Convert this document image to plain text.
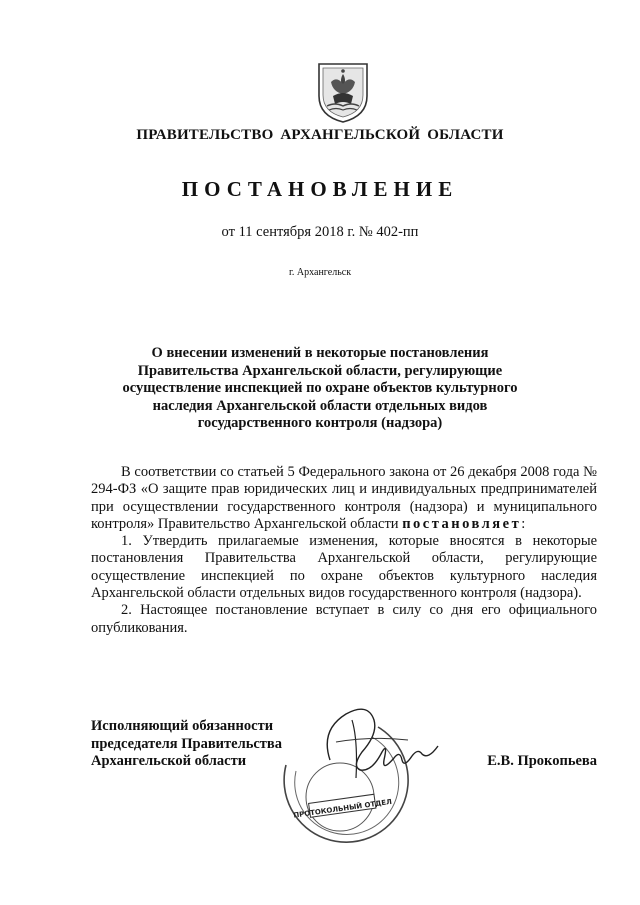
ПРАВИТЕЛЬСТВО АРХАНГЕЛЬСКОЙ ОБЛАСТИ
ПОСТАНОВЛЕНИЕ
от 11 сентября 2018 г. № 402-пп
г. Архангельск
О внесении изменений в некоторые постановления
Правительства Архангельской области, регулирующие
осуществление инспекцией по охране объектов культурного
наследия Архангельской области отдельных видов
государственного контроля (надзора)

В соответствии со статьей 5 Федерального закона от 26 декабря 2008 года № 294-ФЗ «О защите прав юридических лиц и индивидуальных предпринимателей при осуществлении государственного контроля (надзора) и муниципального контроля» Правительство Архангельской области постановляет:

1. Утвердить прилагаемые изменения, которые вносятся в некоторые постановления Правительства Архангельской области, регулирующие осуществление инспекцией по охране объектов культурного наследия Архангельской области отдельных видов государственного контроля (надзора).

2. Настоящее постановление вступает в силу со дня его официального опубликования.

ПРОТОКОЛЬНЫЙ ОТДЕЛ
Исполняющий обязанности
председателя Правительства
Архангельской области	Е.В. Прокопьева
